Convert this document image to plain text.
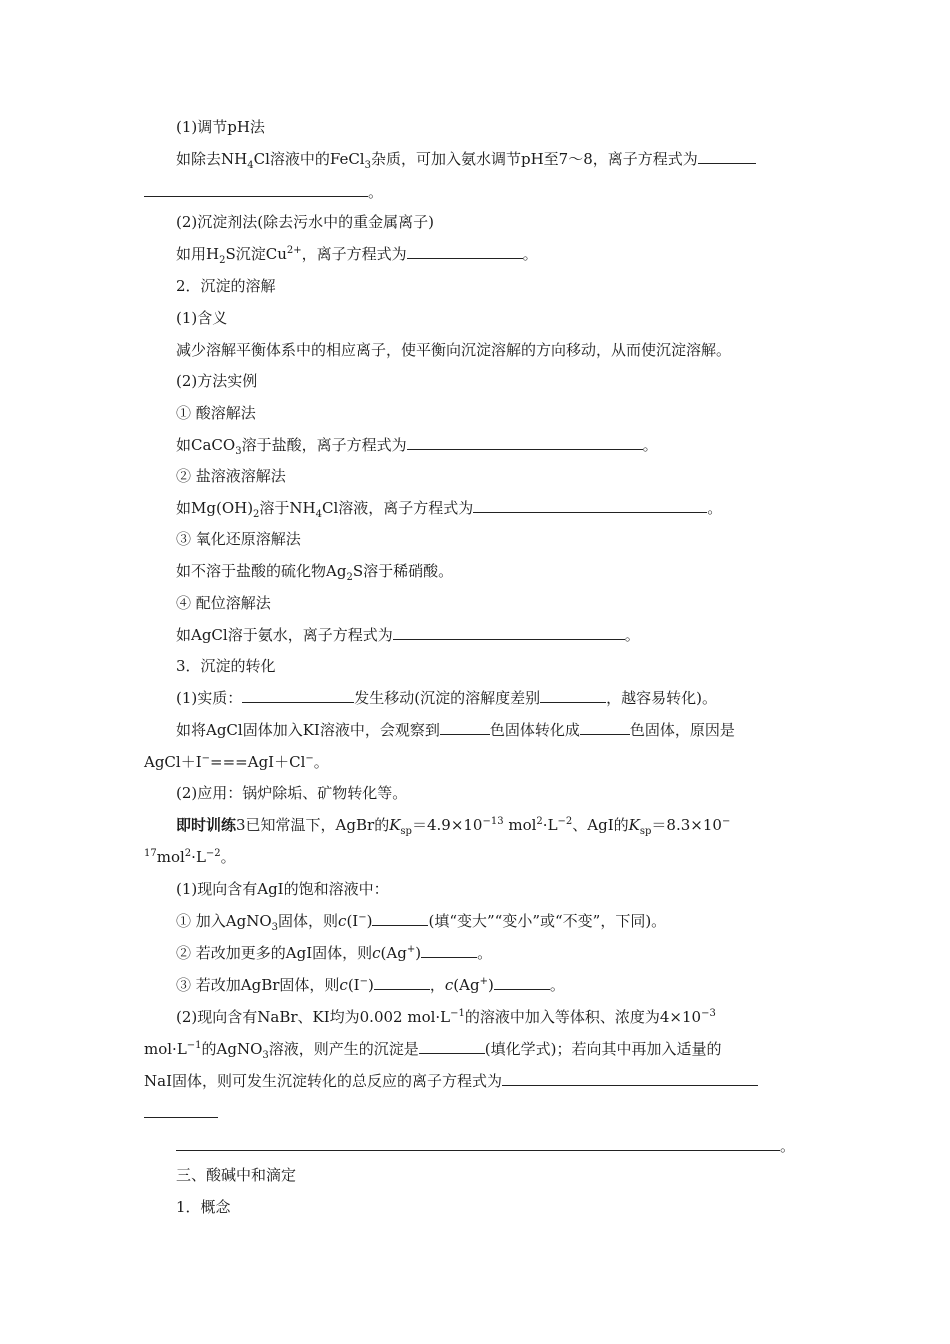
(1)调节pH法
如除去$NH_4Cl$溶液中的FeCl$_3$杂质，可加入氨水调节pH至7～8，离子方程式为
。
(2)沉淀剂法(除去污水中的重金属离子)
如用$H_2S$沉淀$Cu^{2+}$，离子方程式为	。
2．沉淀的溶解
(1)含义
减少溶解平衡体系中的相应离子，使平衡向沉淀溶解的方向移动，从而使沉淀溶解。
(2)方法实例
① 酸溶解法
如CaCO$_3$溶于盐酸，离子方程式为	。
② 盐溶液溶解法
如$Mg(OH)_2$溶于$NH_4Cl$溶液，离子方程式为	。
③ 氧化还原溶解法
如不溶于盐酸的硫化物$Ag_2S$溶于稀硝酸。
④ 配位溶解法
如AgCl溶于氨水，离子方程式为	。
3．沉淀的转化
(1)实质：	发生移动(沉淀的溶解度差别	，越容易转化)。
如将AgCl固体加入KI溶液中，会观察到	色固体转化成	色固体，原因是
AgCl＋I−===AgI＋Cl−。
(2)应用：锅炉除垢、矿物转化等。
即时训练3已知常温下，AgBr的$K_{sp}=4.9\times 10^{-13}$ $mol^2\cdot L^{-2}$、AgI的$K_{sp}=8.3\times 10^-$
$^{17}mol^2\cdot L^{-2}$。
(1)现向含有AgI的饱和溶液中：
① 加入AgNO$_3$固体，则c(I−)	(填“变大”“变小”或“不变”，下同)。
② 若改加更多的AgI固体，则c(Ag+)	。
③ 若改加AgBr固体，则c(I−)	，c(Ag+)	。
(2)现向含有NaBr、KI均为0.002 $mol\cdot L^{-1}$的溶液中加入等体积、浓度为$4\times 10^{-3}$
$mol\cdot L^{-1}$的AgNO$_3$溶液，则产生的沉淀是	(填化学式)；若向其中再加入适量的
NaI固体，则可发生沉淀转化的总反应的离子方程式为
。
三、酸碱中和滴定
1．概念
